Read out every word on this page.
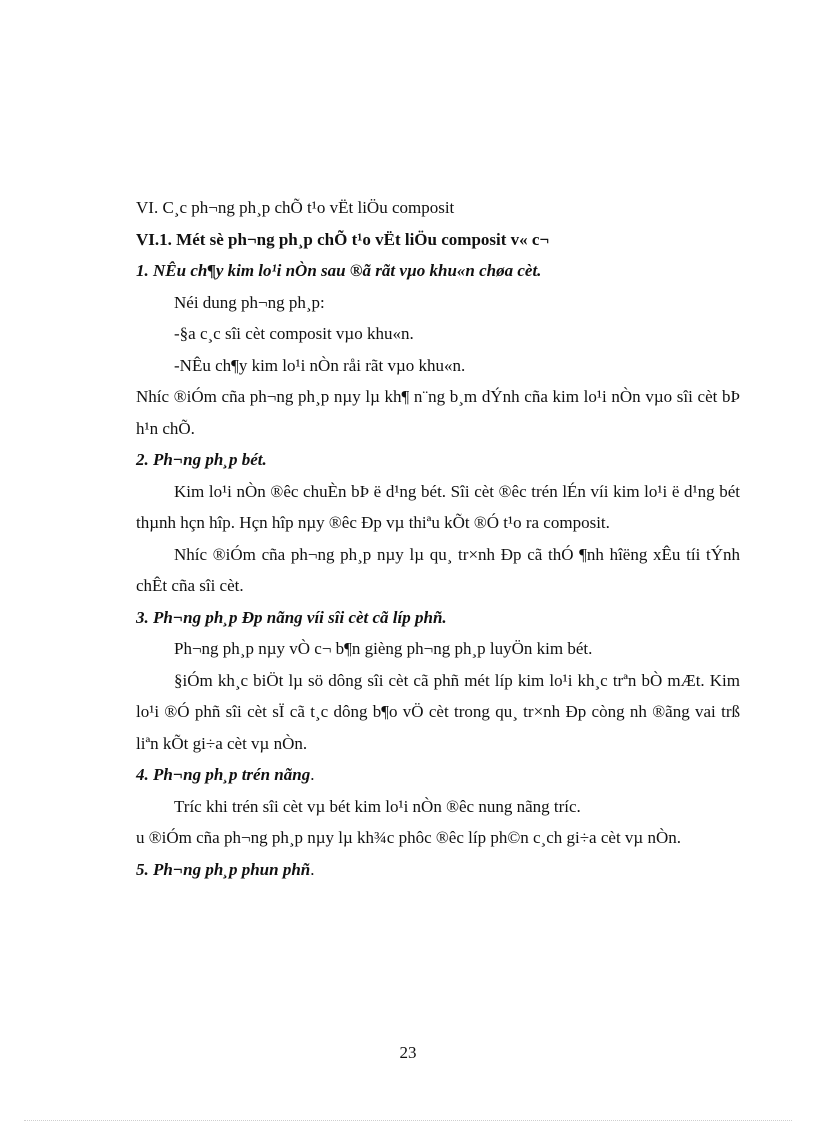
VI. C¸c ph¬ng ph¸p chÕ t¹o vËt liÖu composit

VI.1. Mét sè ph¬ng ph¸p chÕ t¹o vËt liÖu composit v« c¬

1. NÊu ch¶y kim lo¹i nÒn sau ®ã rãt vµo khu«n chøa cèt.

Néi dung ph¬ng ph¸p:

-§a c¸c sîi cèt composit vµo khu«n.

-NÊu ch¶y kim lo¹i nÒn råi rãt vµo khu«n.

Nhíc ®iÓm cña ph¬ng ph¸p nµy lµ kh¶ n¨ng b¸m dÝnh cña kim lo¹i nÒn vµo sîi cèt bÞ h¹n chÕ.

2. Ph¬ng ph¸p bét.

Kim lo¹i nÒn ®êc chuÈn bÞ ë d¹ng bét. Sîi cèt ®êc trén lÉn víi kim lo¹i ë d¹ng bét thµnh hçn hîp. Hçn hîp nµy ®êc Ðp vµ thiªu kÕt ®Ó t¹o ra composit.

Nhíc ®iÓm cña ph¬ng ph¸p nµy lµ qu¸ tr×nh Ðp cã thÓ ¶nh hîëng xÊu tíi tÝnh chÊt cña sîi cèt.

3. Ph¬ng ph¸p Ðp nãng víi sîi cèt cã líp phñ.

Ph¬ng ph¸p nµy vÒ c¬ b¶n gièng ph¬ng ph¸p luyÖn kim bét.

§iÓm kh¸c biÖt lµ sö dông sîi cèt cã phñ mét líp kim lo¹i kh¸c trªn bÒ mÆt. Kim lo¹i ®Ó phñ sîi cèt sÏ cã t¸c dông b¶o vÖ cèt trong qu¸ tr×nh Ðp còng nh ®ãng vai trß liªn kÕt gi÷a cèt vµ nÒn.

4. Ph¬ng ph¸p trén nãng.

Tríc khi trén sîi cèt vµ bét kim lo¹i nÒn ®êc nung nãng tríc.

u ®iÓm cña ph¬ng ph¸p nµy lµ kh¾c phôc ®êc líp ph©n c¸ch gi÷a cèt vµ nÒn.

5. Ph¬ng ph¸p phun phñ.

23
